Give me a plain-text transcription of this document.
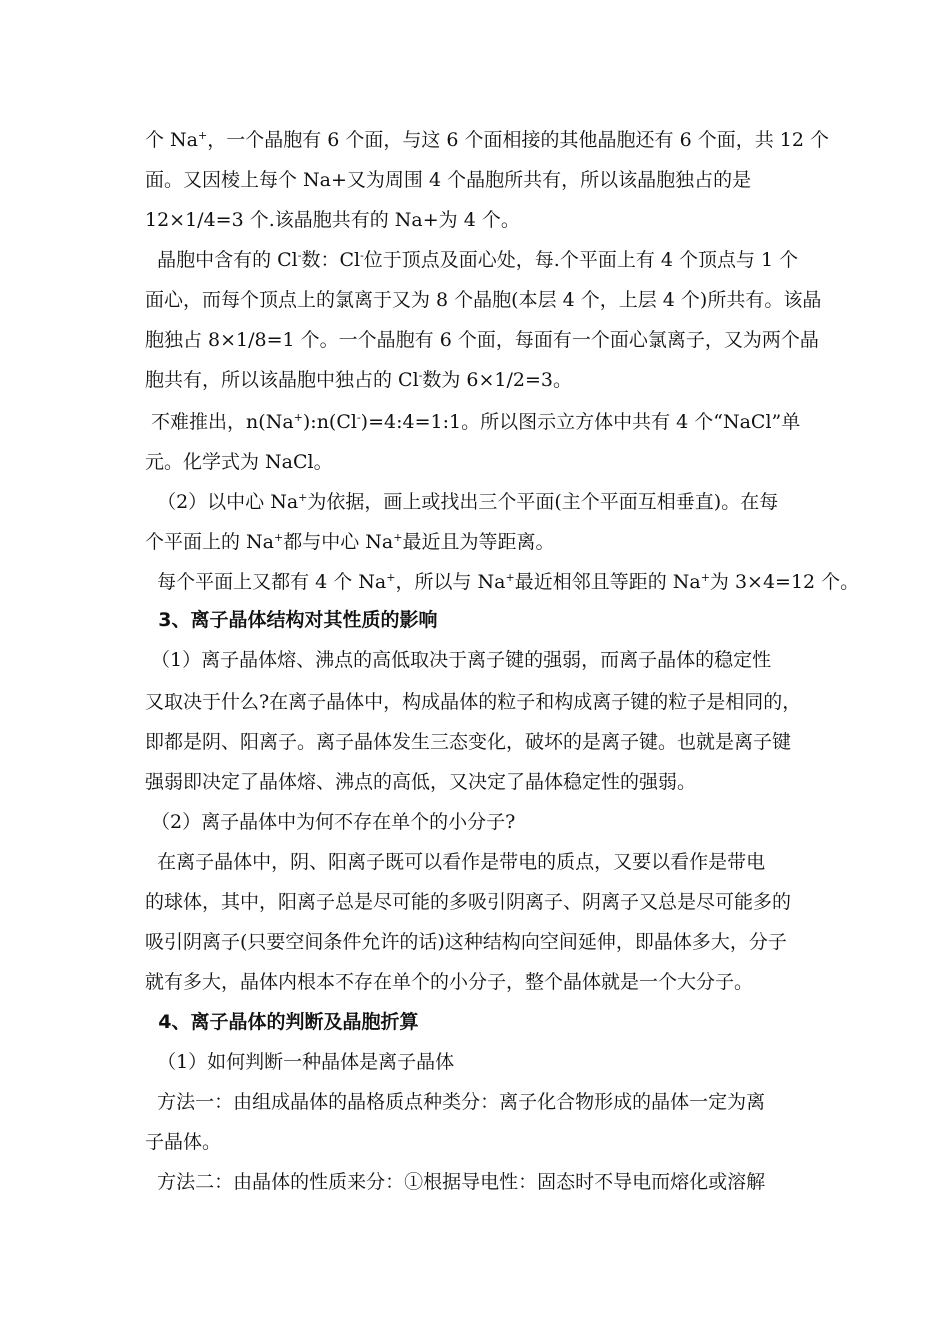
个 Na+，一个晶胞有 6 个面，与这 6 个面相接的其他晶胞还有 6 个面，共 12 个
面。又因棱上每个 Na+又为周围 4 个晶胞所共有，所以该晶胞独占的是
12×1/4=3 个.该晶胞共有的 Na+为 4 个。
晶胞中含有的 Cl-数：Cl-位于顶点及面心处，每.个平面上有 4 个顶点与 1 个
面心，而每个顶点上的氯离于又为 8 个晶胞(本层 4 个，上层 4 个)所共有。该晶
胞独占 8×1/8=1 个。一个晶胞有 6 个面，每面有一个面心氯离子，又为两个晶
胞共有，所以该晶胞中独占的 Cl-数为 6×1/2=3。
不难推出，n(Na+):n(Cl-)=4:4=1:1。所以图示立方体中共有 4 个“NaCl”单
元。化学式为 NaCl。
（2）以中心 Na+为依据，画上或找出三个平面(主个平面互相垂直)。在每
个平面上的 Na+都与中心 Na+最近且为等距离。
每个平面上又都有 4 个 Na+，所以与 Na+最近相邻且等距的 Na+为 3×4=12 个。
3、离子晶体结构对其性质的影响
（1）离子晶体熔、沸点的高低取决于离子键的强弱，而离子晶体的稳定性
又取决于什么?在离子晶体中，构成晶体的粒子和构成离子键的粒子是相同的，
即都是阴、阳离子。离子晶体发生三态变化，破坏的是离子键。也就是离子键
强弱即决定了晶体熔、沸点的高低，又决定了晶体稳定性的强弱。
（2）离子晶体中为何不存在单个的小分子?
在离子晶体中，阴、阳离子既可以看作是带电的质点，又要以看作是带电
的球体，其中，阳离子总是尽可能的多吸引阴离子、阴离子又总是尽可能多的
吸引阴离子(只要空间条件允许的话)这种结构向空间延伸，即晶体多大，分子
就有多大，晶体内根本不存在单个的小分子，整个晶体就是一个大分子。
4、离子晶体的判断及晶胞折算
（1）如何判断一种晶体是离子晶体
方法一：由组成晶体的晶格质点种类分：离子化合物形成的晶体一定为离
子晶体。
方法二：由晶体的性质来分：①根据导电性：固态时不导电而熔化或溶解
